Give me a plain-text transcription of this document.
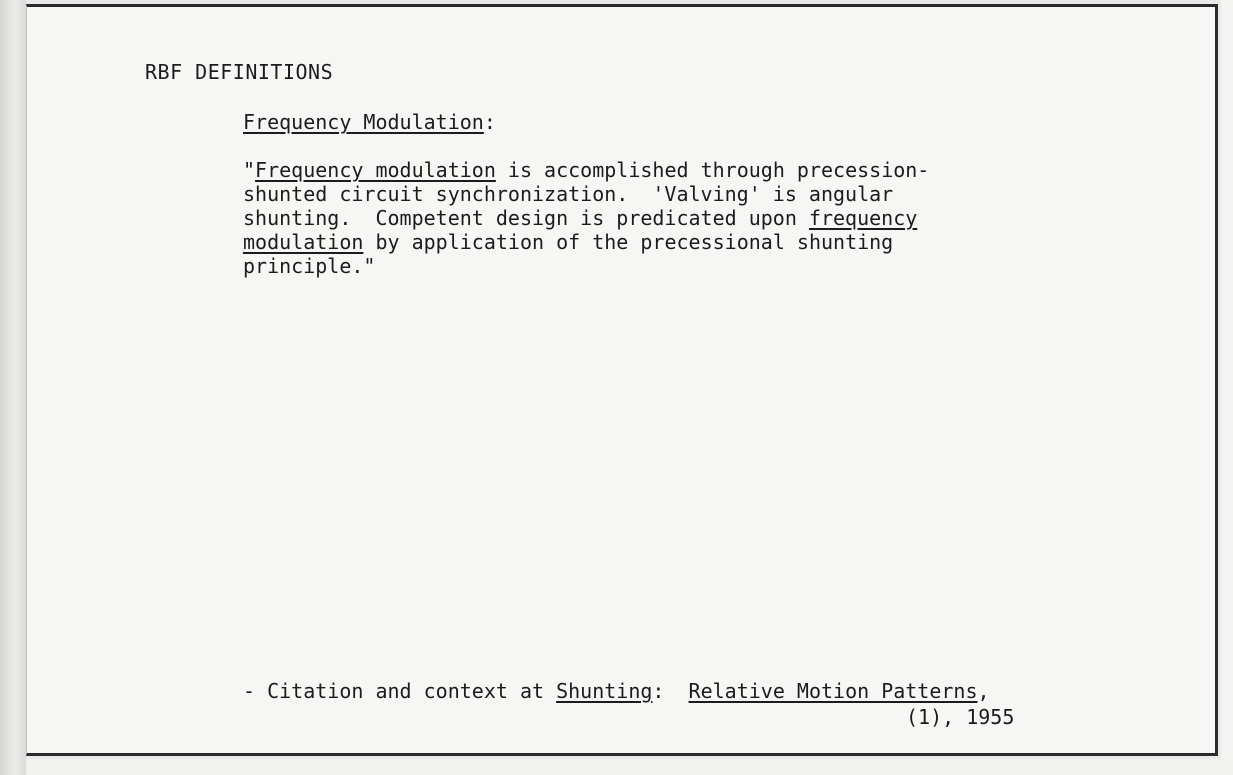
RBF DEFINITIONS
Frequency Modulation:
"Frequency modulation is accomplished through precession-
shunted circuit synchronization.  'Valving' is angular
shunting.  Competent design is predicated upon frequency
modulation by application of the precessional shunting
principle."
- Citation and context at Shunting:  Relative Motion Patterns,
(1), 1955
